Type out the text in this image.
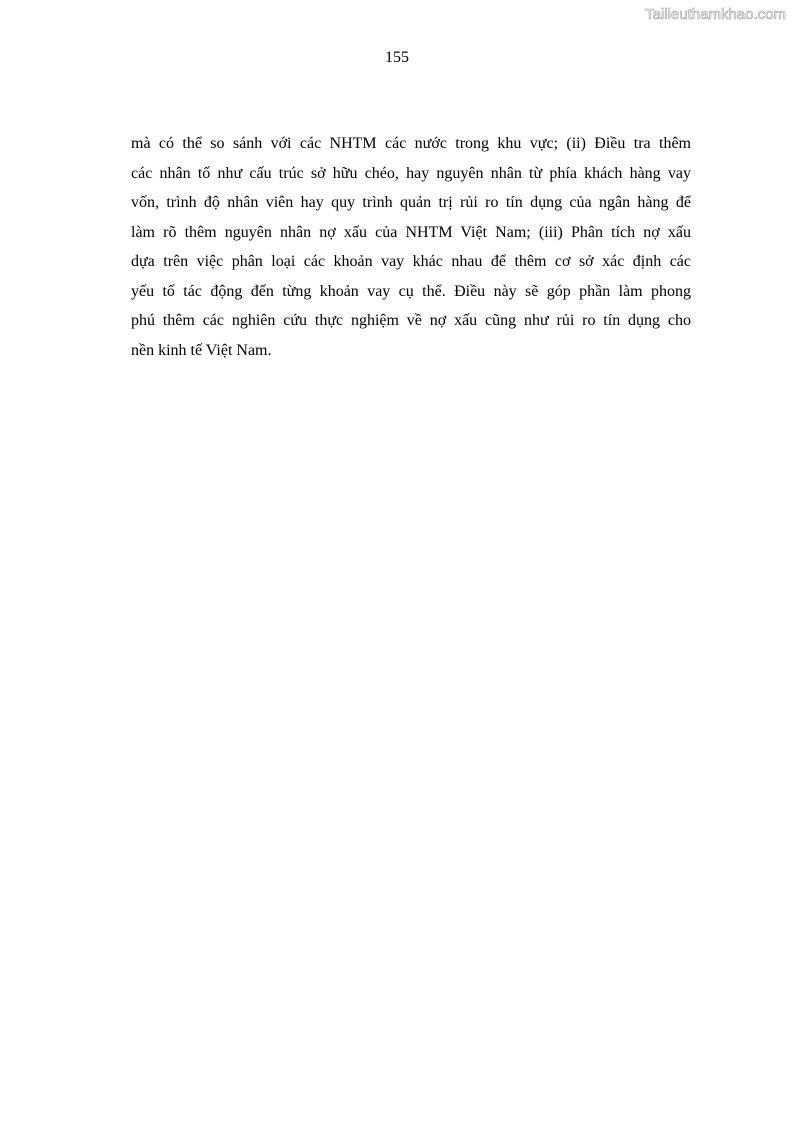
Tailieuthamkhao.com
155
mà có thể so sánh với các NHTM các nước trong khu vực; (ii) Điều tra thêm
các nhân tố như cấu trúc sở hữu chéo, hay nguyên nhân từ phía khách hàng vay
vốn, trình độ nhân viên hay quy trình quản trị rủi ro tín dụng của ngân hàng để
làm rõ thêm nguyên nhân nợ xấu của NHTM Việt Nam; (iii) Phân tích nợ xấu
dựa trên việc phân loại các khoản vay khác nhau để thêm cơ sở xác định các
yếu tố tác động đến từng khoản vay cụ thể. Điều này sẽ góp phần làm phong
phú thêm các nghiên cứu thực nghiệm về nợ xấu cũng như rủi ro tín dụng cho
nền kinh tế Việt Nam.
